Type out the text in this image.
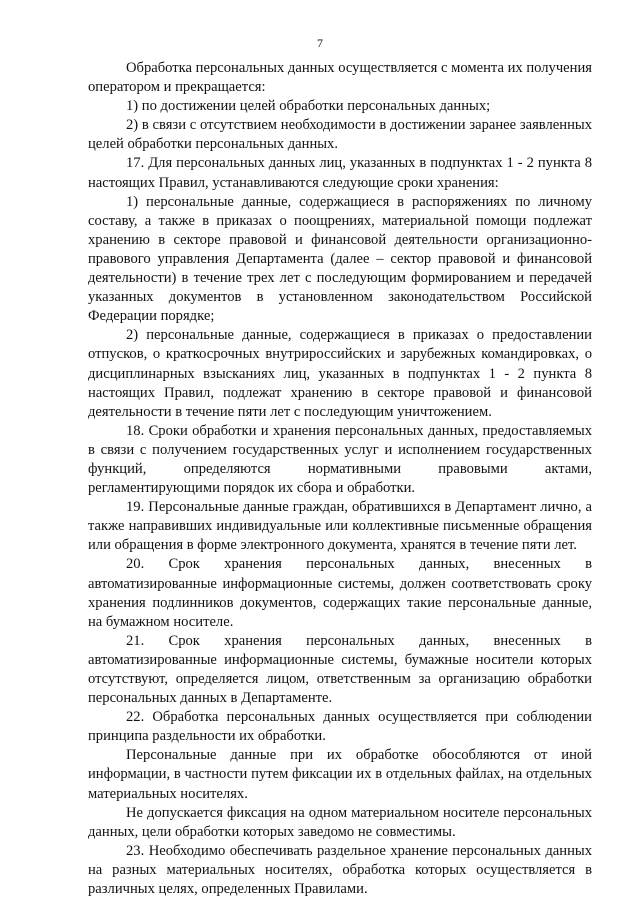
7

Обработка персональных данных осуществляется с момента их получения оператором и прекращается:

1) по достижении целей обработки персональных данных;

2) в связи с отсутствием необходимости в достижении заранее заявленных целей обработки персональных данных.

17. Для персональных данных лиц, указанных в подпунктах 1 - 2 пункта 8 настоящих Правил, устанавливаются следующие сроки хранения:

1) персональные данные, содержащиеся в распоряжениях по личному составу, а также в приказах о поощрениях, материальной помощи подлежат хранению в секторе правовой и финансовой деятельности организационно-правового управления Департамента (далее – сектор правовой и финансовой деятельности) в течение трех лет с последующим формированием и передачей указанных документов в установленном законодательством Российской Федерации порядке;

2) персональные данные, содержащиеся в приказах о предоставлении отпусков, о краткосрочных внутрироссийских и зарубежных командировках, о дисциплинарных взысканиях лиц, указанных в подпунктах 1 - 2 пункта 8 настоящих Правил, подлежат хранению в секторе правовой и финансовой деятельности в течение пяти лет с последующим уничтожением.

18. Сроки обработки и хранения персональных данных, предоставляемых в связи с получением государственных услуг и исполнением государственных функций, определяются нормативными правовыми актами, регламентирующими порядок их сбора и обработки.

19. Персональные данные граждан, обратившихся в Департамент лично, а также направивших индивидуальные или коллективные письменные обращения или обращения в форме электронного документа, хранятся в течение пяти лет.

20. Срок хранения персональных данных, внесенных в автоматизированные информационные системы, должен соответствовать сроку хранения подлинников документов, содержащих такие персональные данные, на бумажном носителе.

21. Срок хранения персональных данных, внесенных в автоматизированные информационные системы, бумажные носители которых отсутствуют, определяется лицом, ответственным за организацию обработки персональных данных в Департаменте.

22. Обработка персональных данных осуществляется при соблюдении принципа раздельности их обработки.

Персональные данные при их обработке обособляются от иной информации, в частности путем фиксации их в отдельных файлах, на отдельных материальных носителях.

Не допускается фиксация на одном материальном носителе персональных данных, цели обработки которых заведомо не совместимы.

23. Необходимо обеспечивать раздельное хранение персональных данных на разных материальных носителях, обработка которых осуществляется в различных целях, определенных Правилами.
